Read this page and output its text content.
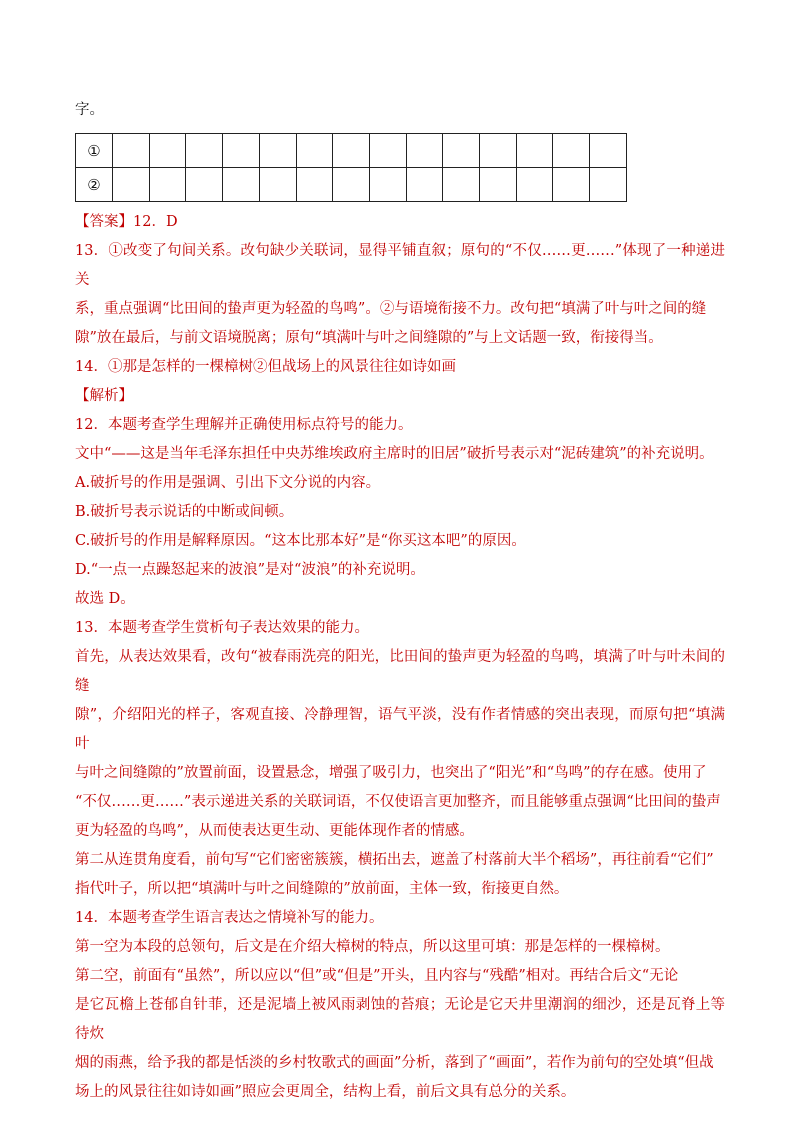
字。

①														
②														
【答案】12．D
13．①改变了句间关系。改句缺少关联词，显得平铺直叙；原句的“不仅……更……”体现了一种递进关
系，重点强调“比田间的蛰声更为轻盈的鸟鸣”。②与语境衔接不力。改句把“填满了叶与叶之间的缝
隙”放在最后，与前文语境脱离；原句“填满叶与叶之间缝隙的”与上文话题一致，衔接得当。
14．①那是怎样的一棵樟树②但战场上的风景往往如诗如画
【解析】
12．本题考查学生理解并正确使用标点符号的能力。
文中“——这是当年毛泽东担任中央苏维埃政府主席时的旧居”破折号表示对“泥砖建筑”的补充说明。
A.破折号的作用是强调、引出下文分说的内容。
B.破折号表示说话的中断或间顿。
C.破折号的作用是解释原因。“这本比那本好”是“你买这本吧”的原因。
D.“一点一点躁怒起来的波浪”是对“波浪”的补充说明。
故选 D。
13．本题考查学生赏析句子表达效果的能力。
首先，从表达效果看，改句“被春雨洗亮的阳光，比田间的蛰声更为轻盈的鸟鸣，填满了叶与叶未间的缝
隙”，介绍阳光的样子，客观直接、冷静理智，语气平淡，没有作者情感的突出表现，而原句把“填满叶
与叶之间缝隙的”放置前面，设置悬念，增强了吸引力，也突出了“阳光”和“鸟鸣”的存在感。使用了
“不仅……更……”表示递进关系的关联词语，不仅使语言更加整齐，而且能够重点强调“比田间的蛰声
更为轻盈的鸟鸣”，从而使表达更生动、更能体现作者的情感。
第二从连贯角度看，前句写“它们密密簇簇，横拓出去，遮盖了村落前大半个稻场”，再往前看“它们”
指代叶子，所以把“填满叶与叶之间缝隙的”放前面，主体一致，衔接更自然。
14．本题考查学生语言表达之情境补写的能力。
第一空为本段的总领句，后文是在介绍大樟树的特点，所以这里可填：那是怎样的一棵樟树。
第二空，前面有“虽然”，所以应以“但”或“但是”开头，且内容与“残酷”相对。再结合后文“无论
是它瓦檐上苍郁自针菲，还是泥墙上被风雨剥蚀的苔痕；无论是它天井里潮润的细沙，还是瓦脊上等待炊
烟的雨燕，给予我的都是恬淡的乡村牧歌式的画面”分析，落到了“画面”，若作为前句的空处填“但战
场上的风景往往如诗如画”照应会更周全，结构上看，前后文具有总分的关系。
